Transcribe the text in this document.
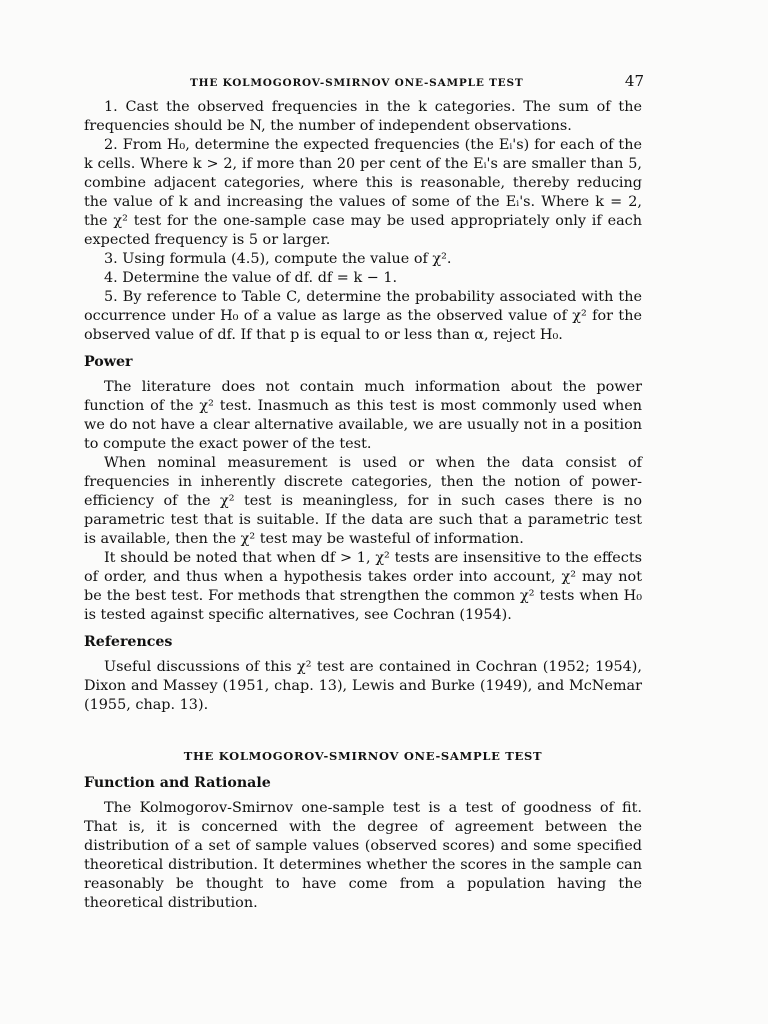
THE KOLMOGOROV-SMIRNOV ONE-SAMPLE TEST	47

1. Cast the observed frequencies in the k categories. The sum of the frequencies should be N, the number of independent observations.

2. From H₀, determine the expected frequencies (the Eᵢ's) for each of the k cells. Where k > 2, if more than 20 per cent of the Eᵢ's are smaller than 5, combine adjacent categories, where this is reasonable, thereby reducing the value of k and increasing the values of some of the Eᵢ's. Where k = 2, the χ² test for the one-sample case may be used appropriately only if each expected frequency is 5 or larger.

3. Using formula (4.5), compute the value of χ².

4. Determine the value of df. df = k − 1.

5. By reference to Table C, determine the probability associated with the occurrence under H₀ of a value as large as the observed value of χ² for the observed value of df. If that p is equal to or less than α, reject H₀.

Power

The literature does not contain much information about the power function of the χ² test. Inasmuch as this test is most commonly used when we do not have a clear alternative available, we are usually not in a position to compute the exact power of the test.

When nominal measurement is used or when the data consist of frequencies in inherently discrete categories, then the notion of power-efficiency of the χ² test is meaningless, for in such cases there is no parametric test that is suitable. If the data are such that a parametric test is available, then the χ² test may be wasteful of information.

It should be noted that when df > 1, χ² tests are insensitive to the effects of order, and thus when a hypothesis takes order into account, χ² may not be the best test. For methods that strengthen the common χ² tests when H₀ is tested against specific alternatives, see Cochran (1954).

References

Useful discussions of this χ² test are contained in Cochran (1952; 1954), Dixon and Massey (1951, chap. 13), Lewis and Burke (1949), and McNemar (1955, chap. 13).

THE KOLMOGOROV-SMIRNOV ONE-SAMPLE TEST
Function and Rationale

The Kolmogorov-Smirnov one-sample test is a test of goodness of fit. That is, it is concerned with the degree of agreement between the distribution of a set of sample values (observed scores) and some specified theoretical distribution. It determines whether the scores in the sample can reasonably be thought to have come from a population having the theoretical distribution.
